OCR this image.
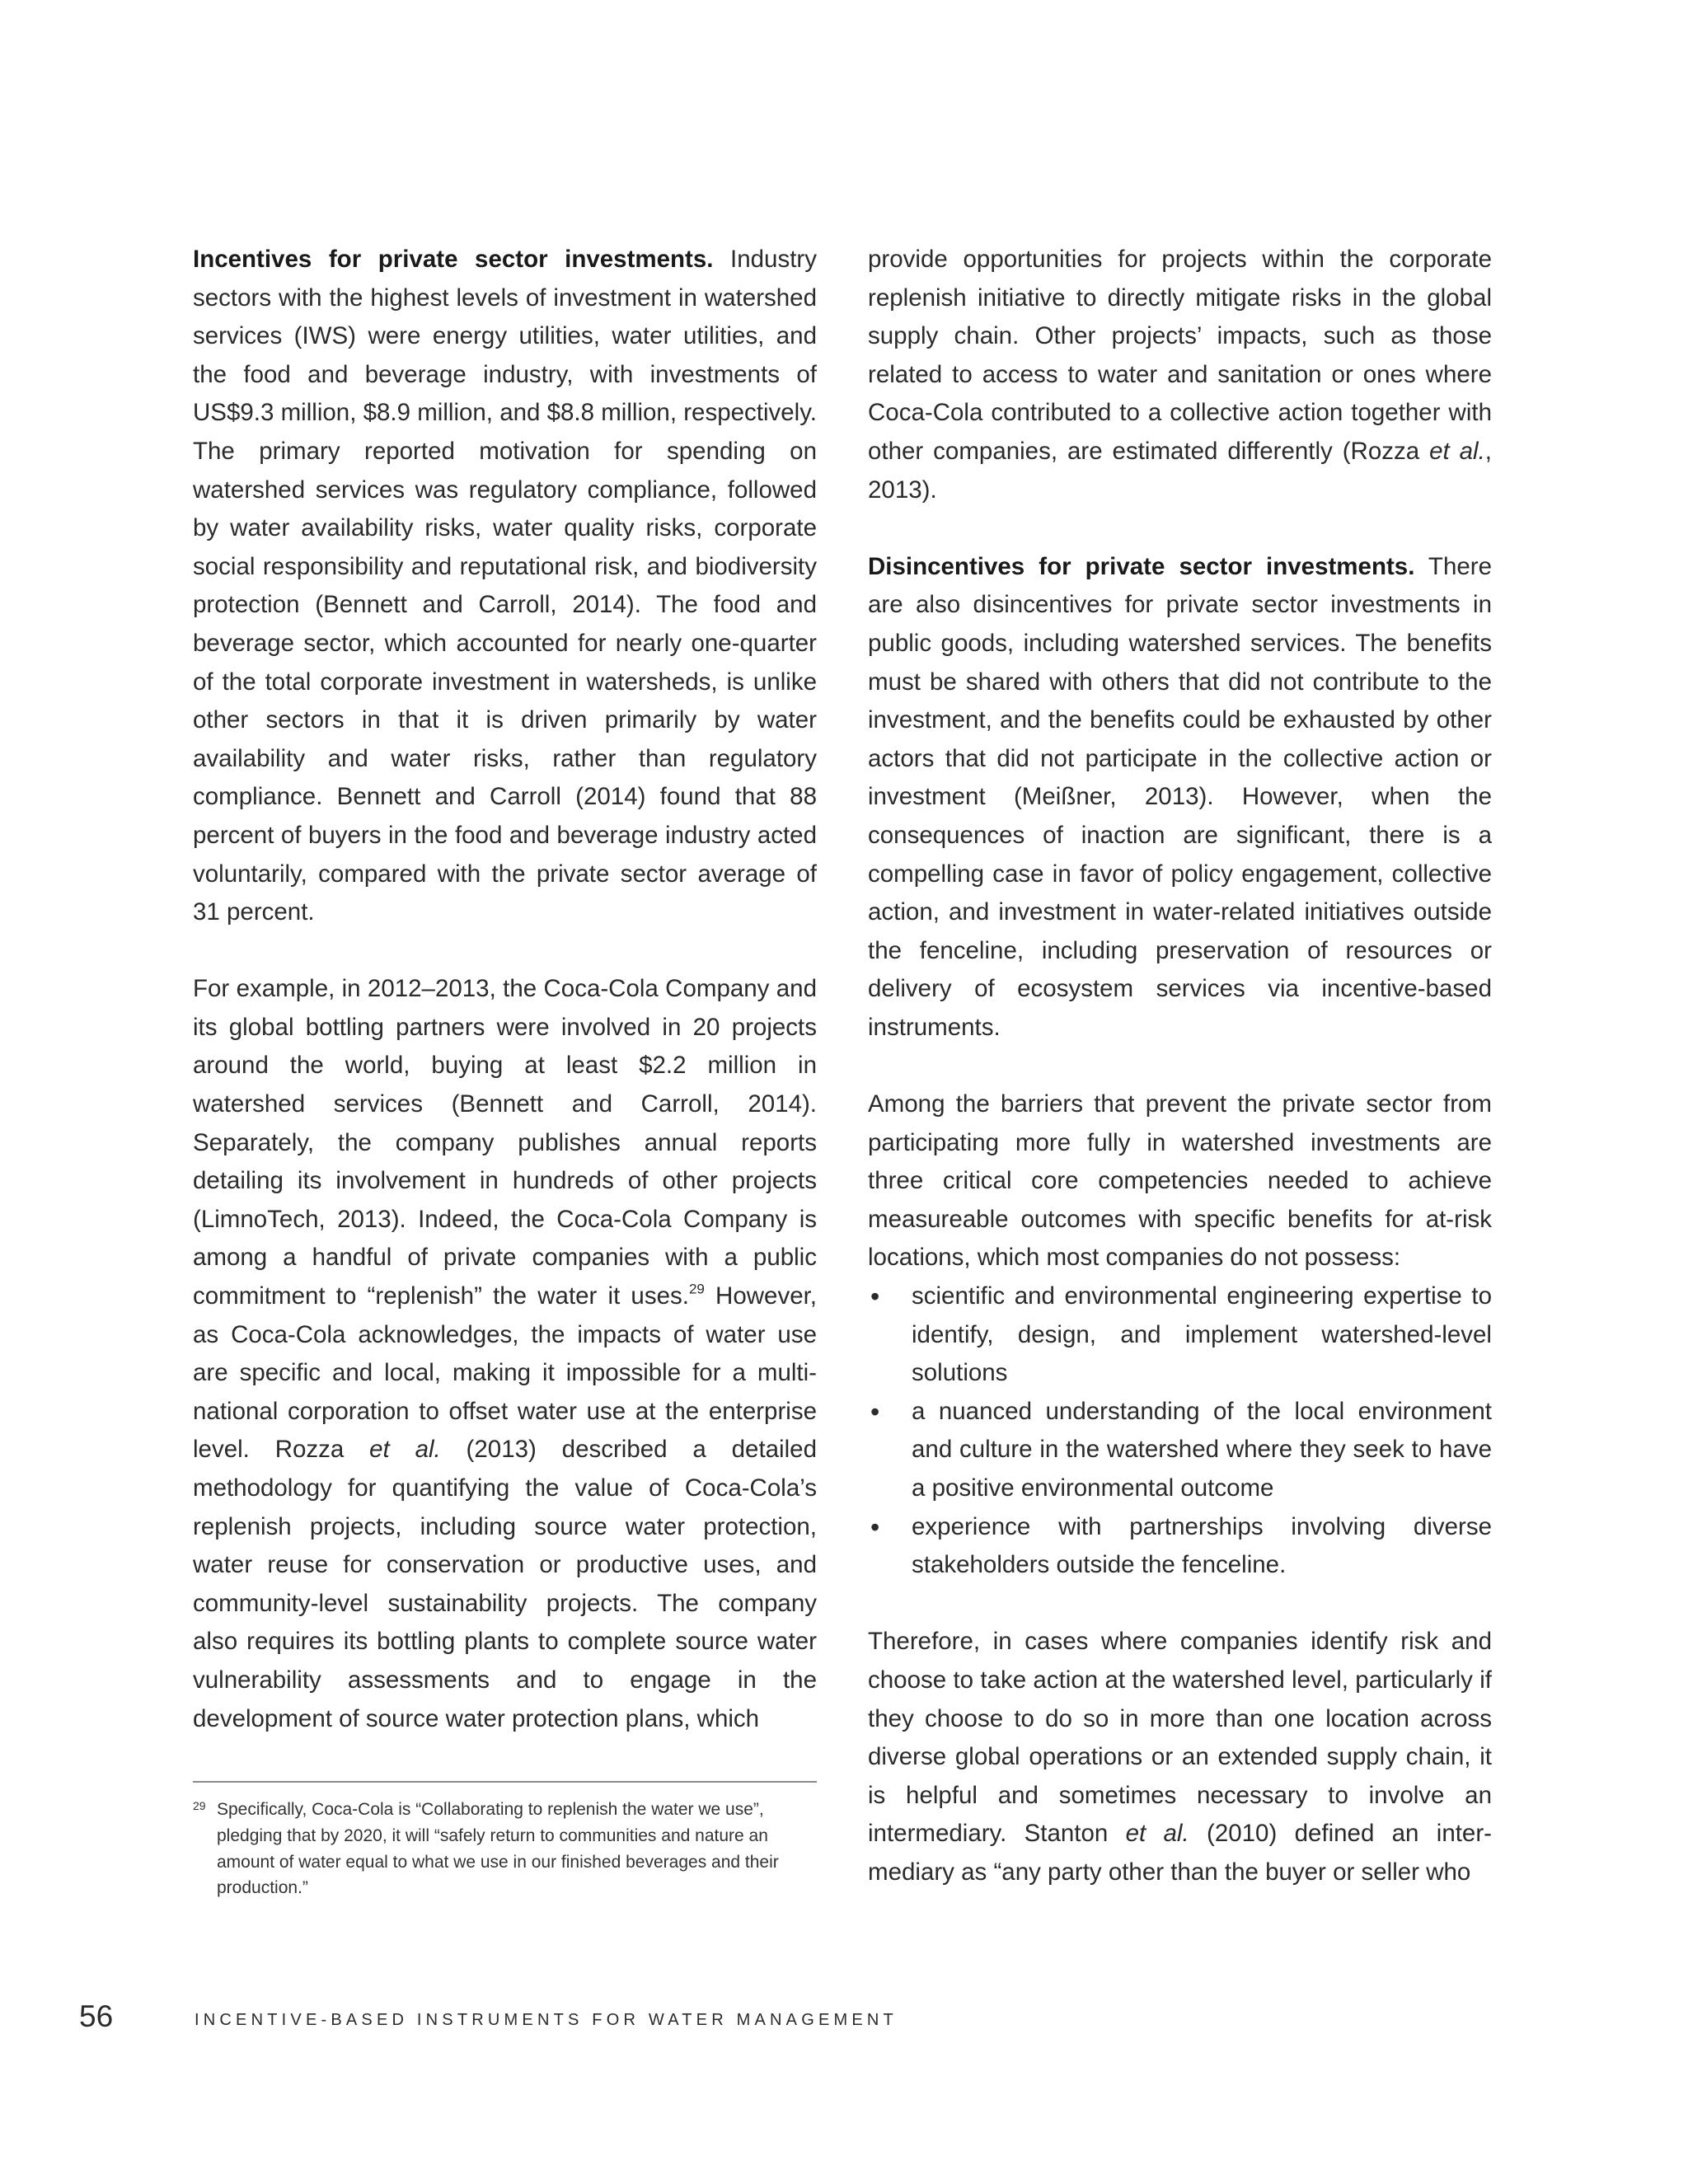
Incentives for private sector investments. Industry sectors with the highest levels of investment in watershed services (IWS) were energy utilities, water utilities, and the food and beverage industry, with investments of US$9.3 million, $8.9 million, and $8.8 million, respectively. The primary reported motivation for spending on watershed services was regulatory compliance, followed by water availability risks, water quality risks, corporate social responsibility and reputational risk, and biodiversity protection (Bennett and Carroll, 2014). The food and beverage sector, which accounted for nearly one-quarter of the total corporate investment in watersheds, is unlike other sectors in that it is driven primarily by water availability and water risks, rather than regulatory compliance. Bennett and Carroll (2014) found that 88 percent of buyers in the food and beverage industry acted voluntarily, compared with the private sector average of 31 percent.

For example, in 2012–2013, the Coca-Cola Company and its global bottling partners were involved in 20 projects around the world, buying at least $2.2 million in watershed services (Bennett and Carroll, 2014). Separately, the company publishes annual reports detailing its involvement in hundreds of other projects (LimnoTech, 2013). Indeed, the Coca-Cola Company is among a handful of private companies with a public commitment to “replenish” the water it uses.$^{29}$ However, as Coca-Cola acknowledges, the impacts of water use are specific and local, making it impossible for a multinational corporation to offset water use at the enterprise level. Rozza et al. (2013) described a detailed methodology for quantifying the value of Coca-Cola’s replenish projects, including source water protection, water reuse for conservation or productive uses, and community-level sustainability projects. The company also requires its bottling plants to complete source water vulnerability assessments and to engage in the development of source water protection plans, which

provide opportunities for projects within the corporate replenish initiative to directly mitigate risks in the global supply chain. Other projects’ impacts, such as those related to access to water and sanitation or ones where Coca-Cola contributed to a collective action together with other companies, are estimated differently (Rozza et al., 2013).

Disincentives for private sector investments. There are also disincentives for private sector investments in public goods, including watershed services. The benefits must be shared with others that did not contribute to the investment, and the benefits could be exhausted by other actors that did not participate in the collective action or investment (Meißner, 2013). However, when the consequences of inaction are significant, there is a compelling case in favor of policy engagement, collective action, and investment in water-related initiatives outside the fenceline, including preservation of resources or delivery of ecosystem services via incentive-based instruments.

Among the barriers that prevent the private sector from participating more fully in watershed investments are three critical core competencies needed to achieve measureable outcomes with specific benefits for at-risk locations, which most companies do not possess:

• scientific and environmental engineering expertise to identify, design, and implement watershed-level solutions
• a nuanced understanding of the local environment and culture in the watershed where they seek to have a positive environmental outcome
• experience with partnerships involving diverse stakeholders outside the fenceline.

Therefore, in cases where companies identify risk and choose to take action at the watershed level, particularly if they choose to do so in more than one location across diverse global operations or an extended supply chain, it is helpful and sometimes necessary to involve an intermediary. Stanton et al. (2010) defined an intermediary as “any party other than the buyer or seller who

29 Specifically, Coca-Cola is “Collaborating to replenish the water we use”, pledging that by 2020, it will “safely return to communities and nature an amount of water equal to what we use in our finished beverages and their production.”
56	INCENTIVE-BASED INSTRUMENTS FOR WATER MANAGEMENT
